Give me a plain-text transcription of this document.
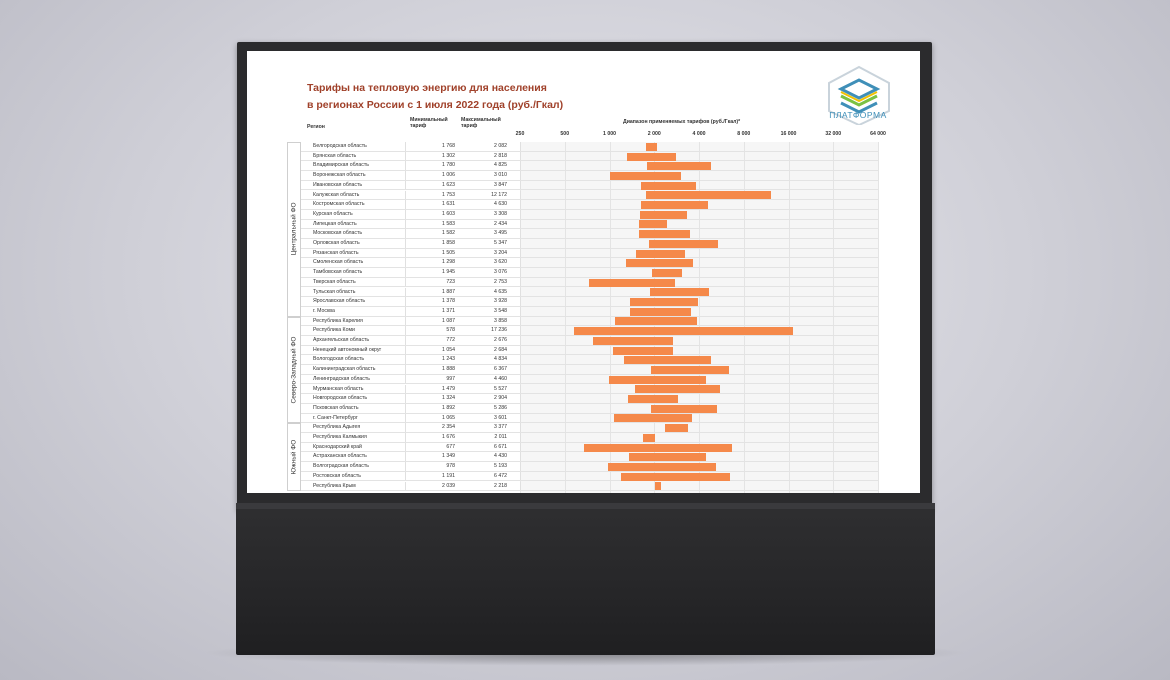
Тарифы на тепловую энергию для населения
в регионах России с 1 июля 2022 года (руб./Гкал)
ПЛАТФОРМА
Регион
Минимальный
тариф
Максимальный
тариф
Диапазон применяемых тарифов (руб./Гкал)*
250	500	1 000	2 000	4 000	8 000	16 000	32 000	64 000
Белгородская область	1 768	2 082
Брянская область	1 302	2 818
Владимирская область	1 780	4 825
Воронежская область	1 006	3 010
Ивановская область	1 623	3 847
Калужская область	1 753	12 172
Костромская область	1 631	4 630
Курская область	1 603	3 308
Липецкая область	1 583	2 434
Московская область	1 582	3 495
Орловская область	1 858	5 347
Рязанская область	1 505	3 204
Смоленская область	1 298	3 620
Тамбовская область	1 945	3 076
Тверская область	723	2 753
Тульская область	1 887	4 635
Ярославская область	1 378	3 928
г. Москва	1 371	3 548
Центральный ФО
Республика Карелия	1 087	3 858
Республика Коми	578	17 236
Архангельская область	772	2 676
Ненецкий автономный округ	1 054	2 684
Вологодская область	1 243	4 834
Калининградская область	1 888	6 367
Ленинградская область	997	4 460
Мурманская область	1 479	5 527
Новгородская область	1 324	2 904
Псковская область	1 892	5 286
г. Санкт-Петербург	1 065	3 601
Северо-Западный ФО
Республика Адыгея	2 354	3 377
Республика Калмыкия	1 676	2 011
Краснодарский край	677	6 671
Астраханская область	1 349	4 430
Волгоградская область	978	5 193
Ростовская область	1 191	6 472
Республика Крым	2 039	2 218
Южный ФО
